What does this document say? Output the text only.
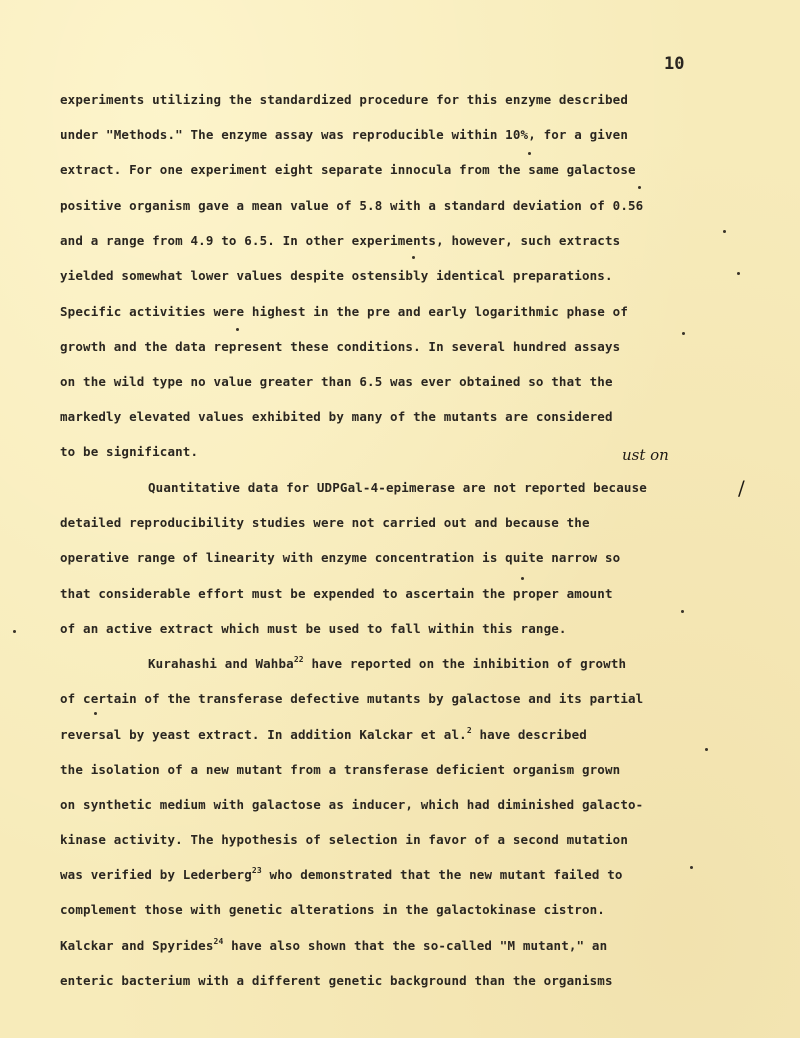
10
experiments utilizing the standardized procedure for this enzyme described
under "Methods." The enzyme assay was reproducible within 10%, for a given
extract. For one experiment eight separate innocula from the same galactose
positive organism gave a mean value of 5.8 with a standard deviation of 0.56
and a range from 4.9 to 6.5. In other experiments, however, such extracts
yielded somewhat lower values despite ostensibly identical preparations.
Specific activities were highest in the pre and early logarithmic phase of
growth and the data represent these conditions. In several hundred assays
on the wild type no value greater than 6.5 was ever obtained so that the
markedly elevated values exhibited by many of the mutants are considered
to be significant.
Quantitative data for UDPGal-4-epimerase are not reported because
detailed reproducibility studies were not carried out and because the
operative range of linearity with enzyme concentration is quite narrow so
that considerable effort must be expended to ascertain the proper amount
of an active extract which must be used to fall within this range.
Kurahashi and Wahba$^{22}$ have reported on the inhibition of growth
of certain of the transferase defective mutants by galactose and its partial
reversal by yeast extract. In addition Kalckar et al.$^2$ have described
the isolation of a new mutant from a transferase deficient organism grown
on synthetic medium with galactose as inducer, which had diminished galacto-
kinase activity. The hypothesis of selection in favor of a second mutation
was verified by Lederberg$^{23}$ who demonstrated that the new mutant failed to
complement those with genetic alterations in the galactokinase cistron.
Kalckar and Spyrides$^{24}$ have also shown that the so-called "M mutant," an
enteric bacterium with a different genetic background than the organisms
ust on
/
